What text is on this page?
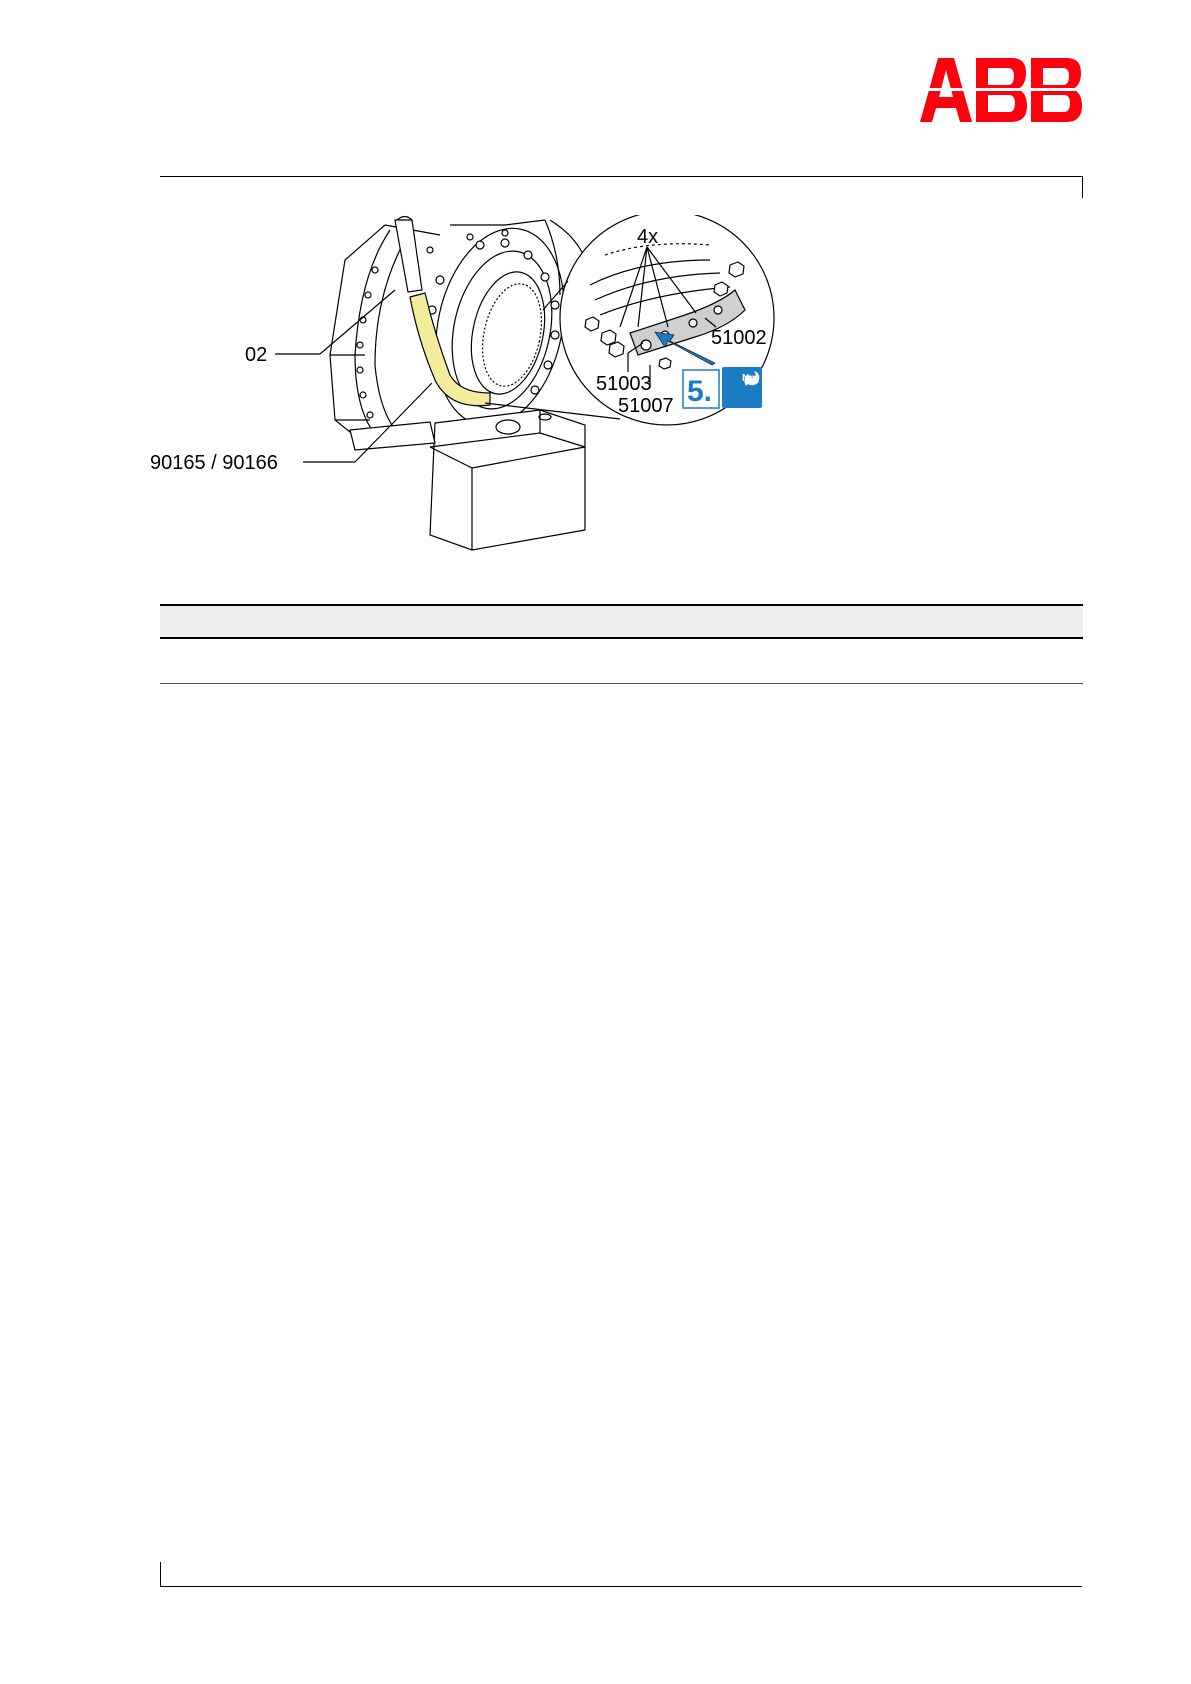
ABB
5.	Nm
02
90165 / 90166
4x
51002
51003
51007
